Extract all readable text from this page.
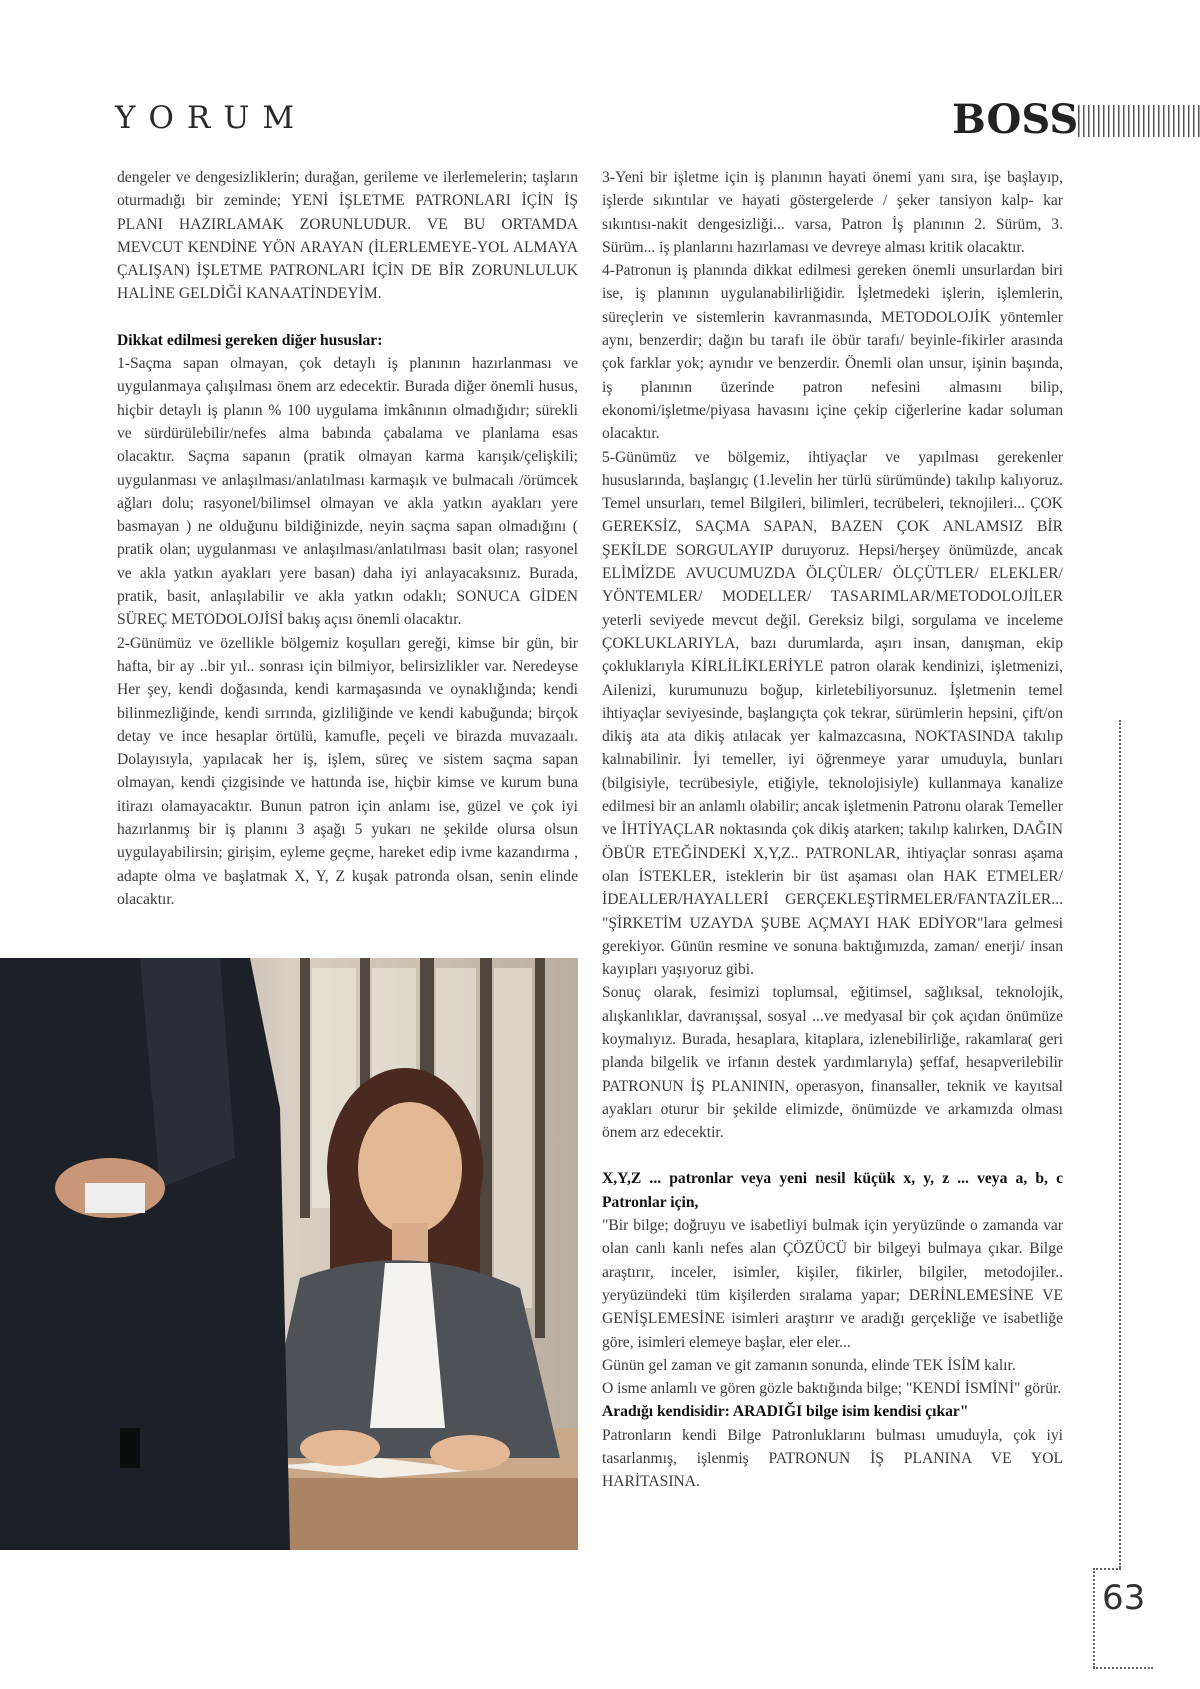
YORUM	BOSS

dengeler ve dengesizliklerin; durağan, gerileme ve ilerlemelerin; taşların oturmadığı bir zeminde; YENİ İŞLETME PATRONLARI İÇİN İŞ PLANI HAZIRLAMAK ZORUNLUDUR. VE BU ORTAMDA MEVCUT KENDİNE YÖN ARAYAN (İLERLEMEYE-YOL ALMAYA ÇALIŞAN) İŞLETME PATRONLARI İÇİN DE BİR ZORUNLULUK HALİNE GELDİĞİ KANAATİNDEYİM.

Dikkat edilmesi gereken diğer hususlar:

1-Saçma sapan olmayan, çok detaylı iş planının hazırlanması ve uygulanmaya çalışılması önem arz edecektir. Burada diğer önemli husus, hiçbir detaylı iş planın % 100 uygulama imkânının olmadığıdır; sürekli ve sürdürülebilir/nefes alma babında çabalama ve planlama esas olacaktır. Saçma sapanın (pratik olmayan karma karışık/çelişkili; uygulanması ve anlaşılması/anlatılması karmaşık ve bulmacalı /örümcek ağları dolu; rasyonel/bilimsel olmayan ve akla yatkın ayakları yere basmayan ) ne olduğunu bildiğinizde, neyin saçma sapan olmadığını ( pratik olan; uygulanması ve anlaşılması/anlatılması basit olan; rasyonel ve akla yatkın ayakları yere basan) daha iyi anlayacaksınız. Burada, pratik, basit, anlaşılabilir ve akla yatkın odaklı; SONUCA GİDEN SÜREÇ METODOLOJİSİ bakış açısı önemli olacaktır.

2-Günümüz ve özellikle bölgemiz koşulları gereği, kimse bir gün, bir hafta, bir ay ..bir yıl.. sonrası için bilmiyor, belirsizlikler var. Neredeyse Her şey, kendi doğasında, kendi karmaşasında ve oynaklığında; kendi bilinmezliğinde, kendi sırrında, gizliliğinde ve kendi kabuğunda; birçok detay ve ince hesaplar örtülü, kamufle, peçeli ve birazda muvazaalı. Dolayısıyla, yapılacak her iş, işlem, süreç ve sistem saçma sapan olmayan, kendi çizgisinde ve hattında ise, hiçbir kimse ve kurum buna itirazı olamayacaktır. Bunun patron için anlamı ise, güzel ve çok iyi hazırlanmış bir iş planını 3 aşağı 5 yukarı ne şekilde olursa olsun uygulayabilirsin; girişim, eyleme geçme, hareket edip ivme kazandırma , adapte olma ve başlatmak X, Y, Z kuşak patronda olsan, senin elinde olacaktır.

3-Yeni bir işletme için iş planının hayati önemi yanı sıra, işe başlayıp, işlerde sıkıntılar ve hayati göstergelerde / şeker tansiyon kalp- kar sıkıntısı-nakit dengesizliği... varsa, Patron İş planının 2. Sürüm, 3. Sürüm... iş planlarını hazırlaması ve devreye alması kritik olacaktır.

4-Patronun iş planında dikkat edilmesi gereken önemli unsurlardan biri ise, iş planının uygulanabilirliğidir. İşletmedeki işlerin, işlemlerin, süreçlerin ve sistemlerin kavranmasında, METODOLOJİK yöntemler aynı, benzerdir; dağın bu tarafı ile öbür tarafı/ beyinle-fikirler arasında çok farklar yok; aynıdır ve benzerdir. Önemli olan unsur, işinin başında, iş planının üzerinde patron nefesini almasını bilip, ekonomi/işletme/piyasa havasını içine çekip ciğerlerine kadar soluman olacaktır.

5-Günümüz ve bölgemiz, ihtiyaçlar ve yapılması gerekenler hususlarında, başlangıç (1.levelin her türlü sürümünde) takılıp kalıyoruz. Temel unsurları, temel Bilgileri, bilimleri, tecrübeleri, teknojileri... ÇOK GEREKSİZ, SAÇMA SAPAN, BAZEN ÇOK ANLAMSIZ BİR ŞEKİLDE SORGULAYIP duruyoruz. Hepsi/herşey önümüzde, ancak ELİMİZDE AVUCUMUZDA ÖLÇÜLER/ ÖLÇÜTLER/ ELEKLER/ YÖNTEMLER/ MODELLER/ TASARIMLAR/METODOLOJİLER yeterli seviyede mevcut değil. Gereksiz bilgi, sorgulama ve inceleme ÇOKLUKLARIYLA, bazı durumlarda, aşırı insan, danışman, ekip çokluklarıyla KİRLİLİKLERİYLE patron olarak kendinizi, işletmenizi, Ailenizi, kurumunuzu boğup, kirletebiliyorsunuz. İşletmenin temel ihtiyaçlar seviyesinde, başlangıçta çok tekrar, sürümlerin hepsini, çift/on dikiş ata ata dikiş atılacak yer kalmazcasına, NOKTASINDA takılıp kalınabilinir. İyi temeller, iyi öğrenmeye yarar umuduyla, bunları (bilgisiyle, tecrübesiyle, etiğiyle, teknolojisiyle) kullanmaya kanalize edilmesi bir an anlamlı olabilir; ancak işletmenin Patronu olarak Temeller ve İHTİYAÇLAR noktasında çok dikiş atarken; takılıp kalırken, DAĞIN ÖBÜR ETEĞİNDEKİ X,Y,Z.. PATRONLAR, ihtiyaçlar sonrası aşama olan İSTEKLER, isteklerin bir üst aşaması olan HAK ETMELER/İDEALLER/HAYALLERİ GERÇEKLEŞTİRMELER/FANTAZİLER... "ŞİRKETİM UZAYDA ŞUBE AÇMAYI HAK EDİYOR"lara gelmesi gerekiyor. Günün resmine ve sonuna baktığımızda, zaman/ enerji/ insan kayıpları yaşıyoruz gibi.

Sonuç olarak, fesimizi toplumsal, eğitimsel, sağlıksal, teknolojik, alışkanlıklar, davranışsal, sosyal ...ve medyasal bir çok açıdan önümüze koymalıyız. Burada, hesaplara, kitaplara, izlenebilirliğe, rakamlara( geri planda bilgelik ve irfanın destek yardımlarıyla) şeffaf, hesapverilebilir PATRONUN İŞ PLANININ, operasyon, finansaller, teknik ve kayıtsal ayakları oturur bir şekilde elimizde, önümüzde ve arkamızda olması önem arz edecektir.

X,Y,Z ... patronlar veya yeni nesil küçük x, y, z ... veya a, b, c Patronlar için,

"Bir bilge; doğruyu ve isabetliyi bulmak için yeryüzünde o zamanda var olan canlı kanlı nefes alan ÇÖZÜCÜ bir bilgeyi bulmaya çıkar. Bilge araştırır, inceler, isimler, kişiler, fikirler, bilgiler, metodojiler.. yeryüzündeki tüm kişilerden sıralama yapar; DERİNLEMESİNE VE GENİŞLEMESİNE isimleri araştırır ve aradığı gerçekliğe ve isabetliğe göre, isimleri elemeye başlar, eler eler...

Günün gel zaman ve git zamanın sonunda, elinde TEK İSİM kalır.

O isme anlamlı ve gören gözle baktığında bilge; "KENDİ İSMİNİ" görür.

Aradığı kendisidir: ARADIĞI bilge isim kendisi çıkar"

Patronların kendi Bilge Patronluklarını bulması umuduyla, çok iyi tasarlanmış, işlenmiş PATRONUN İŞ PLANINA VE YOL HARİTASINA.

63
